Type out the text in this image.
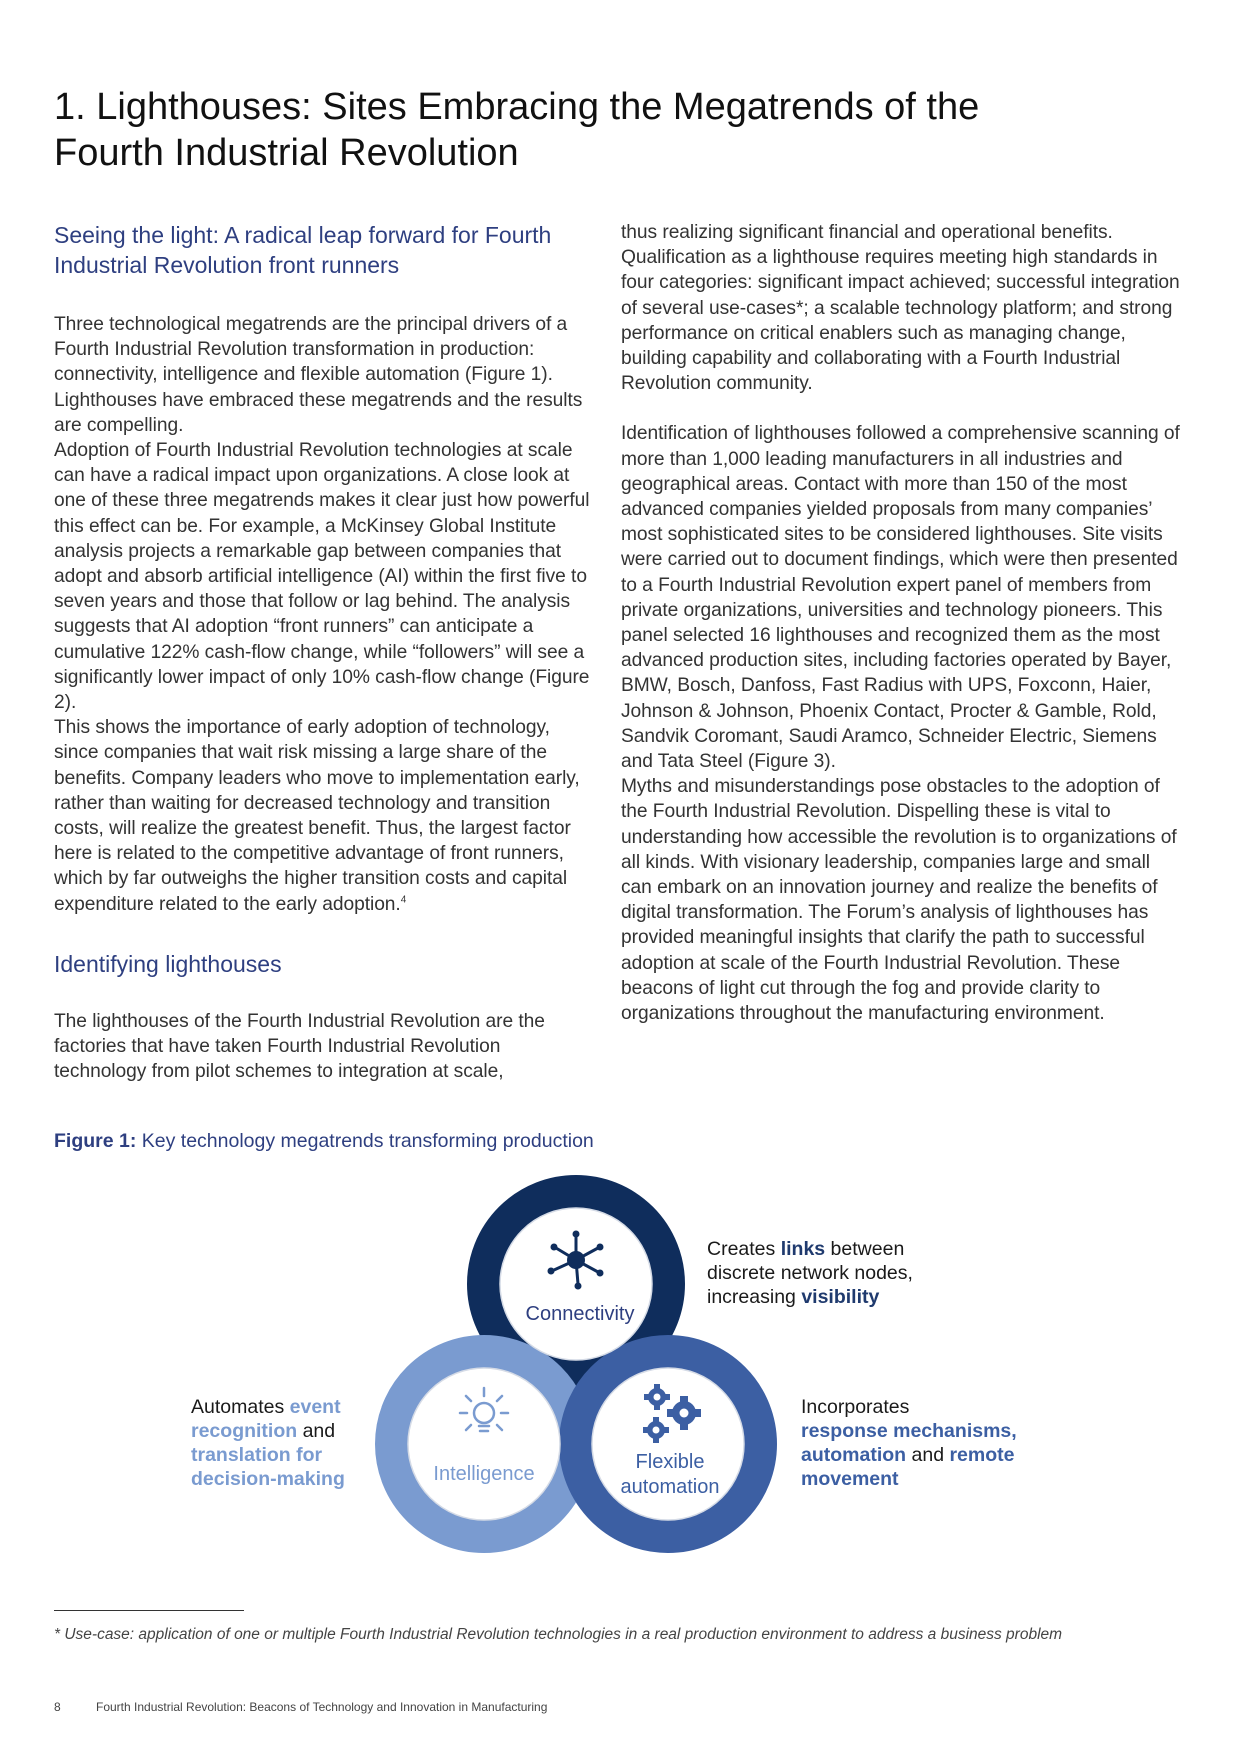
1. Lighthouses: Sites Embracing the Megatrends of the Fourth Industrial Revolution
Seeing the light: A radical leap forward for Fourth Industrial Revolution front runners

Three technological megatrends are the principal drivers of a Fourth Industrial Revolution transformation in production: connectivity, intelligence and flexible automation (Figure 1). Lighthouses have embraced these megatrends and the results are compelling.

Adoption of Fourth Industrial Revolution technologies at scale can have a radical impact upon organizations. A close look at one of these three megatrends makes it clear just how powerful this effect can be. For example, a McKinsey Global Institute analysis projects a remarkable gap between companies that adopt and absorb artificial intelligence (AI) within the first five to seven years and those that follow or lag behind. The analysis suggests that AI adoption “front runners” can anticipate a cumulative 122% cash-flow change, while “followers” will see a significantly lower impact of only 10% cash-flow change (Figure 2).

This shows the importance of early adoption of technology, since companies that wait risk missing a large share of the benefits. Company leaders who move to implementation early, rather than waiting for decreased technology and transition costs, will realize the greatest benefit. Thus, the largest factor here is related to the competitive advantage of front runners, which by far outweighs the higher transition costs and capital expenditure related to the early adoption.$^4$

Identifying lighthouses

The lighthouses of the Fourth Industrial Revolution are the factories that have taken Fourth Industrial Revolution technology from pilot schemes to integration at scale,

thus realizing significant financial and operational benefits. Qualification as a lighthouse requires meeting high standards in four categories: significant impact achieved; successful integration of several use-cases*; a scalable technology platform; and strong performance on critical enablers such as managing change, building capability and collaborating with a Fourth Industrial Revolution community.

Identification of lighthouses followed a comprehensive scanning of more than 1,000 leading manufacturers in all industries and geographical areas. Contact with more than 150 of the most advanced companies yielded proposals from many companies’ most sophisticated sites to be considered lighthouses. Site visits were carried out to document findings, which were then presented to a Fourth Industrial Revolution expert panel of members from private organizations, universities and technology pioneers. This panel selected 16 lighthouses and recognized them as the most advanced production sites, including factories operated by Bayer, BMW, Bosch, Danfoss, Fast Radius with UPS, Foxconn, Haier, Johnson & Johnson, Phoenix Contact, Procter & Gamble, Rold, Sandvik Coromant, Saudi Aramco, Schneider Electric, Siemens and Tata Steel (Figure 3).

Myths and misunderstandings pose obstacles to the adoption of the Fourth Industrial Revolution. Dispelling these is vital to understanding how accessible the revolution is to organizations of all kinds. With visionary leadership, companies large and small can embark on an innovation journey and realize the benefits of digital transformation. The Forum’s analysis of lighthouses has provided meaningful insights that clarify the path to successful adoption at scale of the Fourth Industrial Revolution. These beacons of light cut through the fog and provide clarity to organizations throughout the manufacturing environment.

Figure 1: Key technology megatrends transforming production
Connectivity
Intelligence
Flexible
automation
Creates links between
discrete network nodes,
increasing visibility
Automates event
recognition and
translation for
decision-making
Incorporates
response mechanisms,
automation and remote
movement
* Use-case: application of one or multiple Fourth Industrial Revolution technologies in a real production environment to address a business problem
8	Fourth Industrial Revolution: Beacons of Technology and Innovation in Manufacturing
